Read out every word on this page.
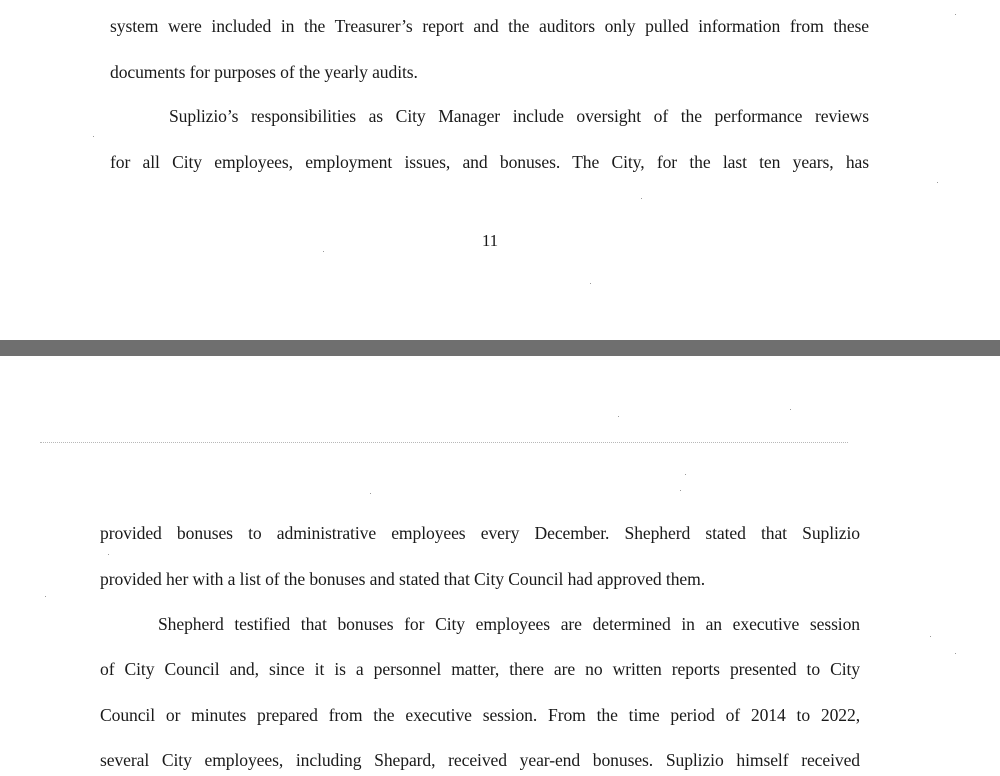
system were included in the Treasurer’s report and the auditors only pulled information from these
documents for purposes of the yearly audits.
Suplizio’s responsibilities as City Manager include oversight of the performance reviews
for all City employees, employment issues, and bonuses. The City, for the last ten years, has
11
provided bonuses to administrative employees every December. Shepherd stated that Suplizio
provided her with a list of the bonuses and stated that City Council had approved them.
Shepherd testified that bonuses for City employees are determined in an executive session
of City Council and, since it is a personnel matter, there are no written reports presented to City
Council or minutes prepared from the executive session. From the time period of 2014 to 2022,
several City employees, including Shepard, received year-end bonuses. Suplizio himself received
